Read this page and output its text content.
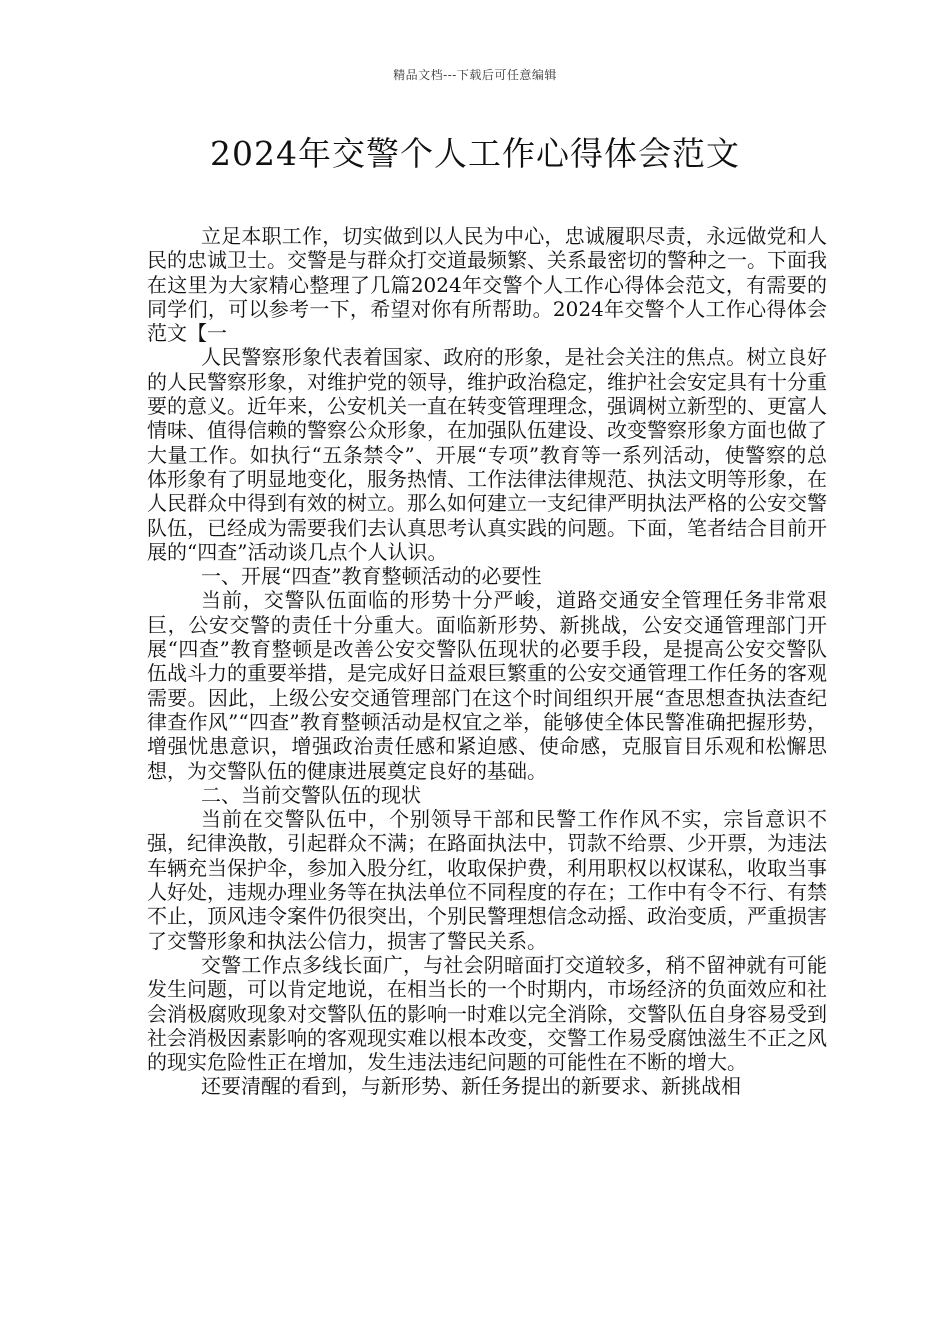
精品文档---下载后可任意编辑
2024年交警个人工作心得体会范文

立足本职工作，切实做到以人民为中心，忠诚履职尽责，永远做党和人民的忠诚卫士。交警是与群众打交道最频繁、关系最密切的警种之一。下面我在这里为大家精心整理了几篇2024年交警个人工作心得体会范文，有需要的同学们，可以参考一下，希望对你有所帮助。2024年交警个人工作心得体会范文【一

人民警察形象代表着国家、政府的形象，是社会关注的焦点。树立良好的人民警察形象，对维护党的领导，维护政治稳定，维护社会安定具有十分重要的意义。近年来，公安机关一直在转变管理理念，强调树立新型的、更富人情味、值得信赖的警察公众形象，在加强队伍建设、改变警察形象方面也做了大量工作。如执行“五条禁令”、开展“专项”教育等一系列活动，使警察的总体形象有了明显地变化，服务热情、工作法律法律规范、执法文明等形象，在人民群众中得到有效的树立。那么如何建立一支纪律严明执法严格的公安交警队伍，已经成为需要我们去认真思考认真实践的问题。下面，笔者结合目前开展的“四查”活动谈几点个人认识。

一、开展“四查”教育整顿活动的必要性

当前，交警队伍面临的形势十分严峻，道路交通安全管理任务非常艰巨，公安交警的责任十分重大。面临新形势、新挑战，公安交通管理部门开展“四查”教育整顿是改善公安交警队伍现状的必要手段，是提高公安交警队伍战斗力的重要举措，是完成好日益艰巨繁重的公安交通管理工作任务的客观需要。因此，上级公安交通管理部门在这个时间组织开展“查思想查执法查纪律查作风”“四查”教育整顿活动是权宜之举，能够使全体民警准确把握形势，增强忧患意识，增强政治责任感和紧迫感、使命感，克服盲目乐观和松懈思想，为交警队伍的健康进展奠定良好的基础。

二、当前交警队伍的现状

当前在交警队伍中，个别领导干部和民警工作作风不实，宗旨意识不强，纪律涣散，引起群众不满；在路面执法中，罚款不给票、少开票，为违法车辆充当保护伞，参加入股分红，收取保护费，利用职权以权谋私，收取当事人好处，违规办理业务等在执法单位不同程度的存在；工作中有令不行、有禁不止，顶风违令案件仍很突出，个别民警理想信念动摇、政治变质，严重损害了交警形象和执法公信力，损害了警民关系。

交警工作点多线长面广，与社会阴暗面打交道较多，稍不留神就有可能发生问题，可以肯定地说，在相当长的一个时期内，市场经济的负面效应和社会消极腐败现象对交警队伍的影响一时难以完全消除，交警队伍自身容易受到社会消极因素影响的客观现实难以根本改变，交警工作易受腐蚀滋生不正之风的现实危险性正在增加，发生违法违纪问题的可能性在不断的增大。

还要清醒的看到，与新形势、新任务提出的新要求、新挑战相
